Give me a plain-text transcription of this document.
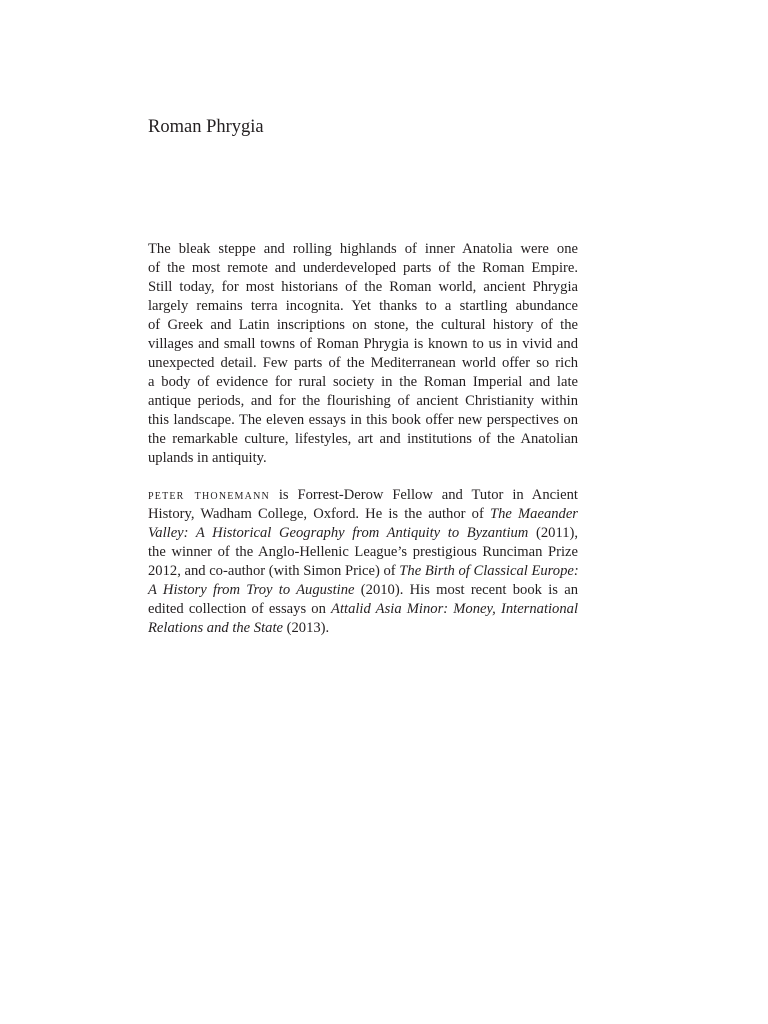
Roman Phrygia
The bleak steppe and rolling highlands of inner Anatolia were one
of the most remote and underdeveloped parts of the Roman Empire.
Still today, for most historians of the Roman world, ancient Phrygia
largely remains terra incognita. Yet thanks to a startling abundance
of Greek and Latin inscriptions on stone, the cultural history of the
villages and small towns of Roman Phrygia is known to us in vivid and
unexpected detail. Few parts of the Mediterranean world offer so rich
a body of evidence for rural society in the Roman Imperial and late
antique periods, and for the flourishing of ancient Christianity within
this landscape. The eleven essays in this book offer new perspectives on
the remarkable culture, lifestyles, art and institutions of the Anatolian
uplands in antiquity.
peter thonemann is Forrest-Derow Fellow and Tutor in Ancient
History, Wadham College, Oxford. He is the author of The Maeander
Valley: A Historical Geography from Antiquity to Byzantium (2011),
the winner of the Anglo-Hellenic League’s prestigious Runciman Prize
2012, and co-author (with Simon Price) of The Birth of Classical Europe:
A History from Troy to Augustine (2010). His most recent book is an
edited collection of essays on Attalid Asia Minor: Money, International
Relations and the State (2013).
